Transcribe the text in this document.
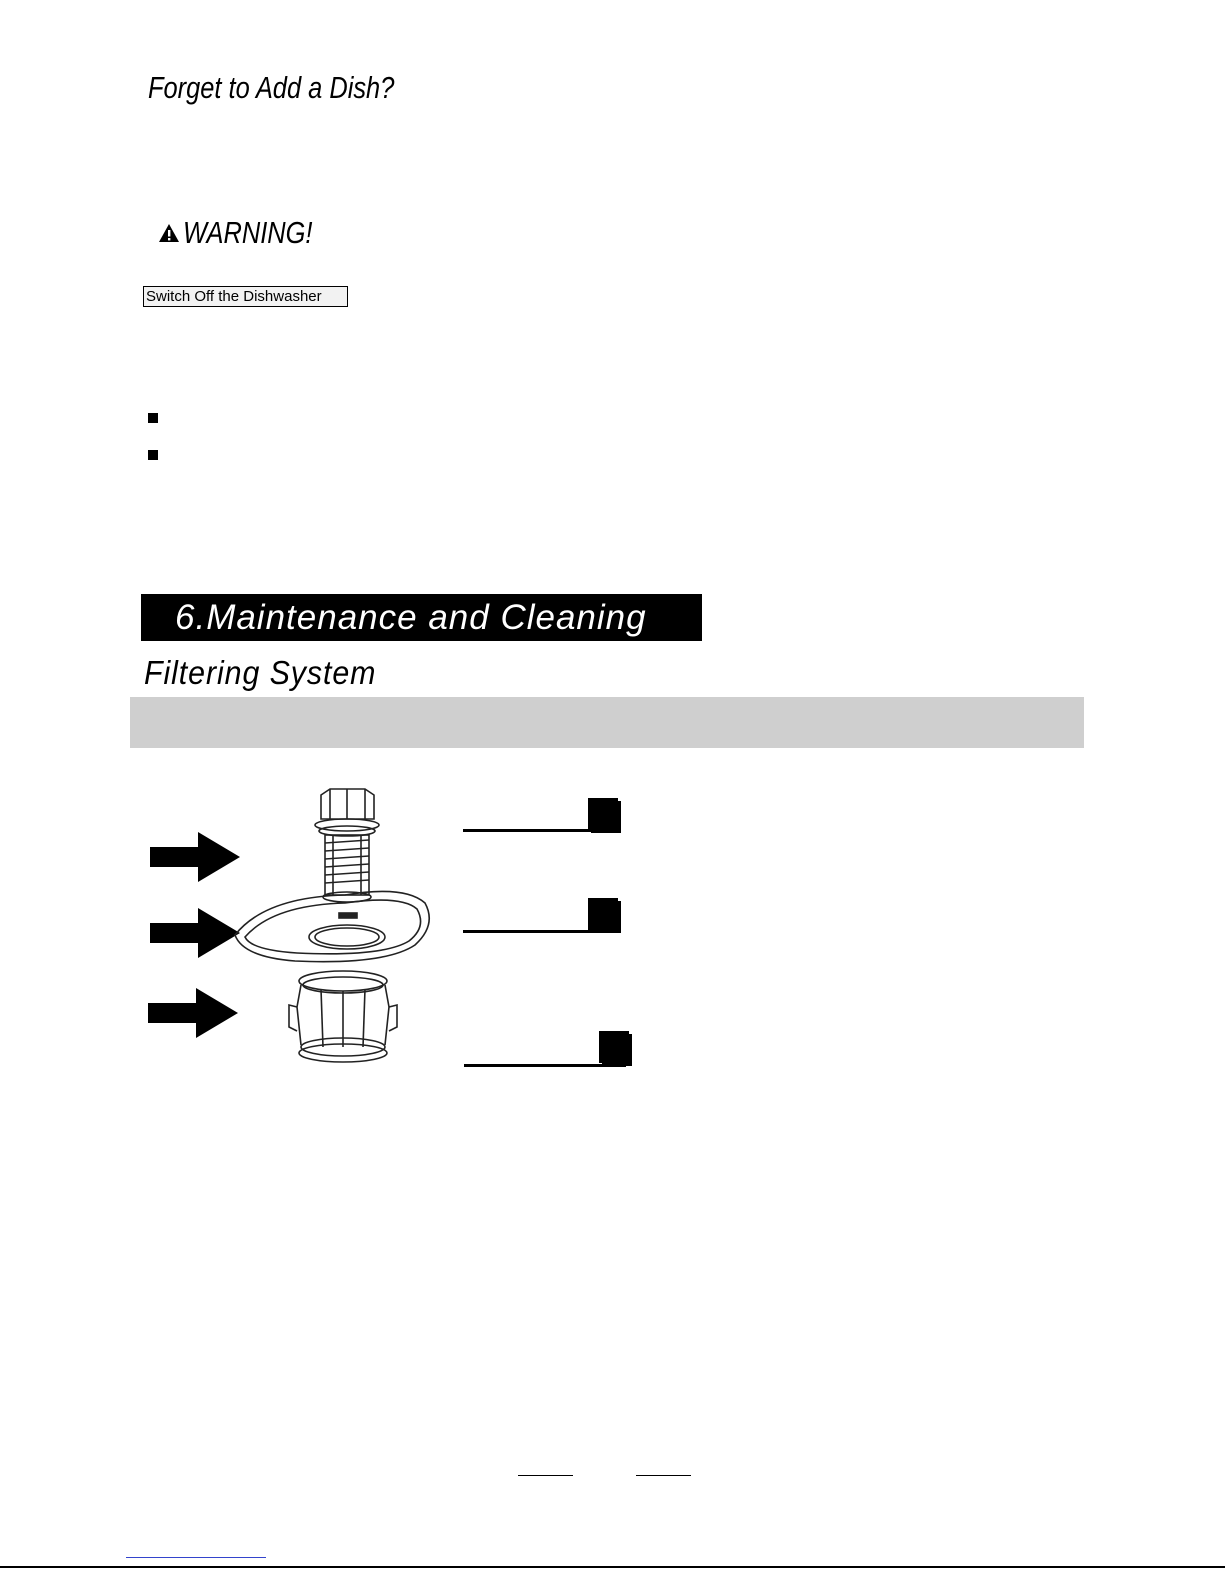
Forget to Add a Dish?
WARNING!
Switch Off the Dishwasher
6.Maintenance and Cleaning
Filtering System
